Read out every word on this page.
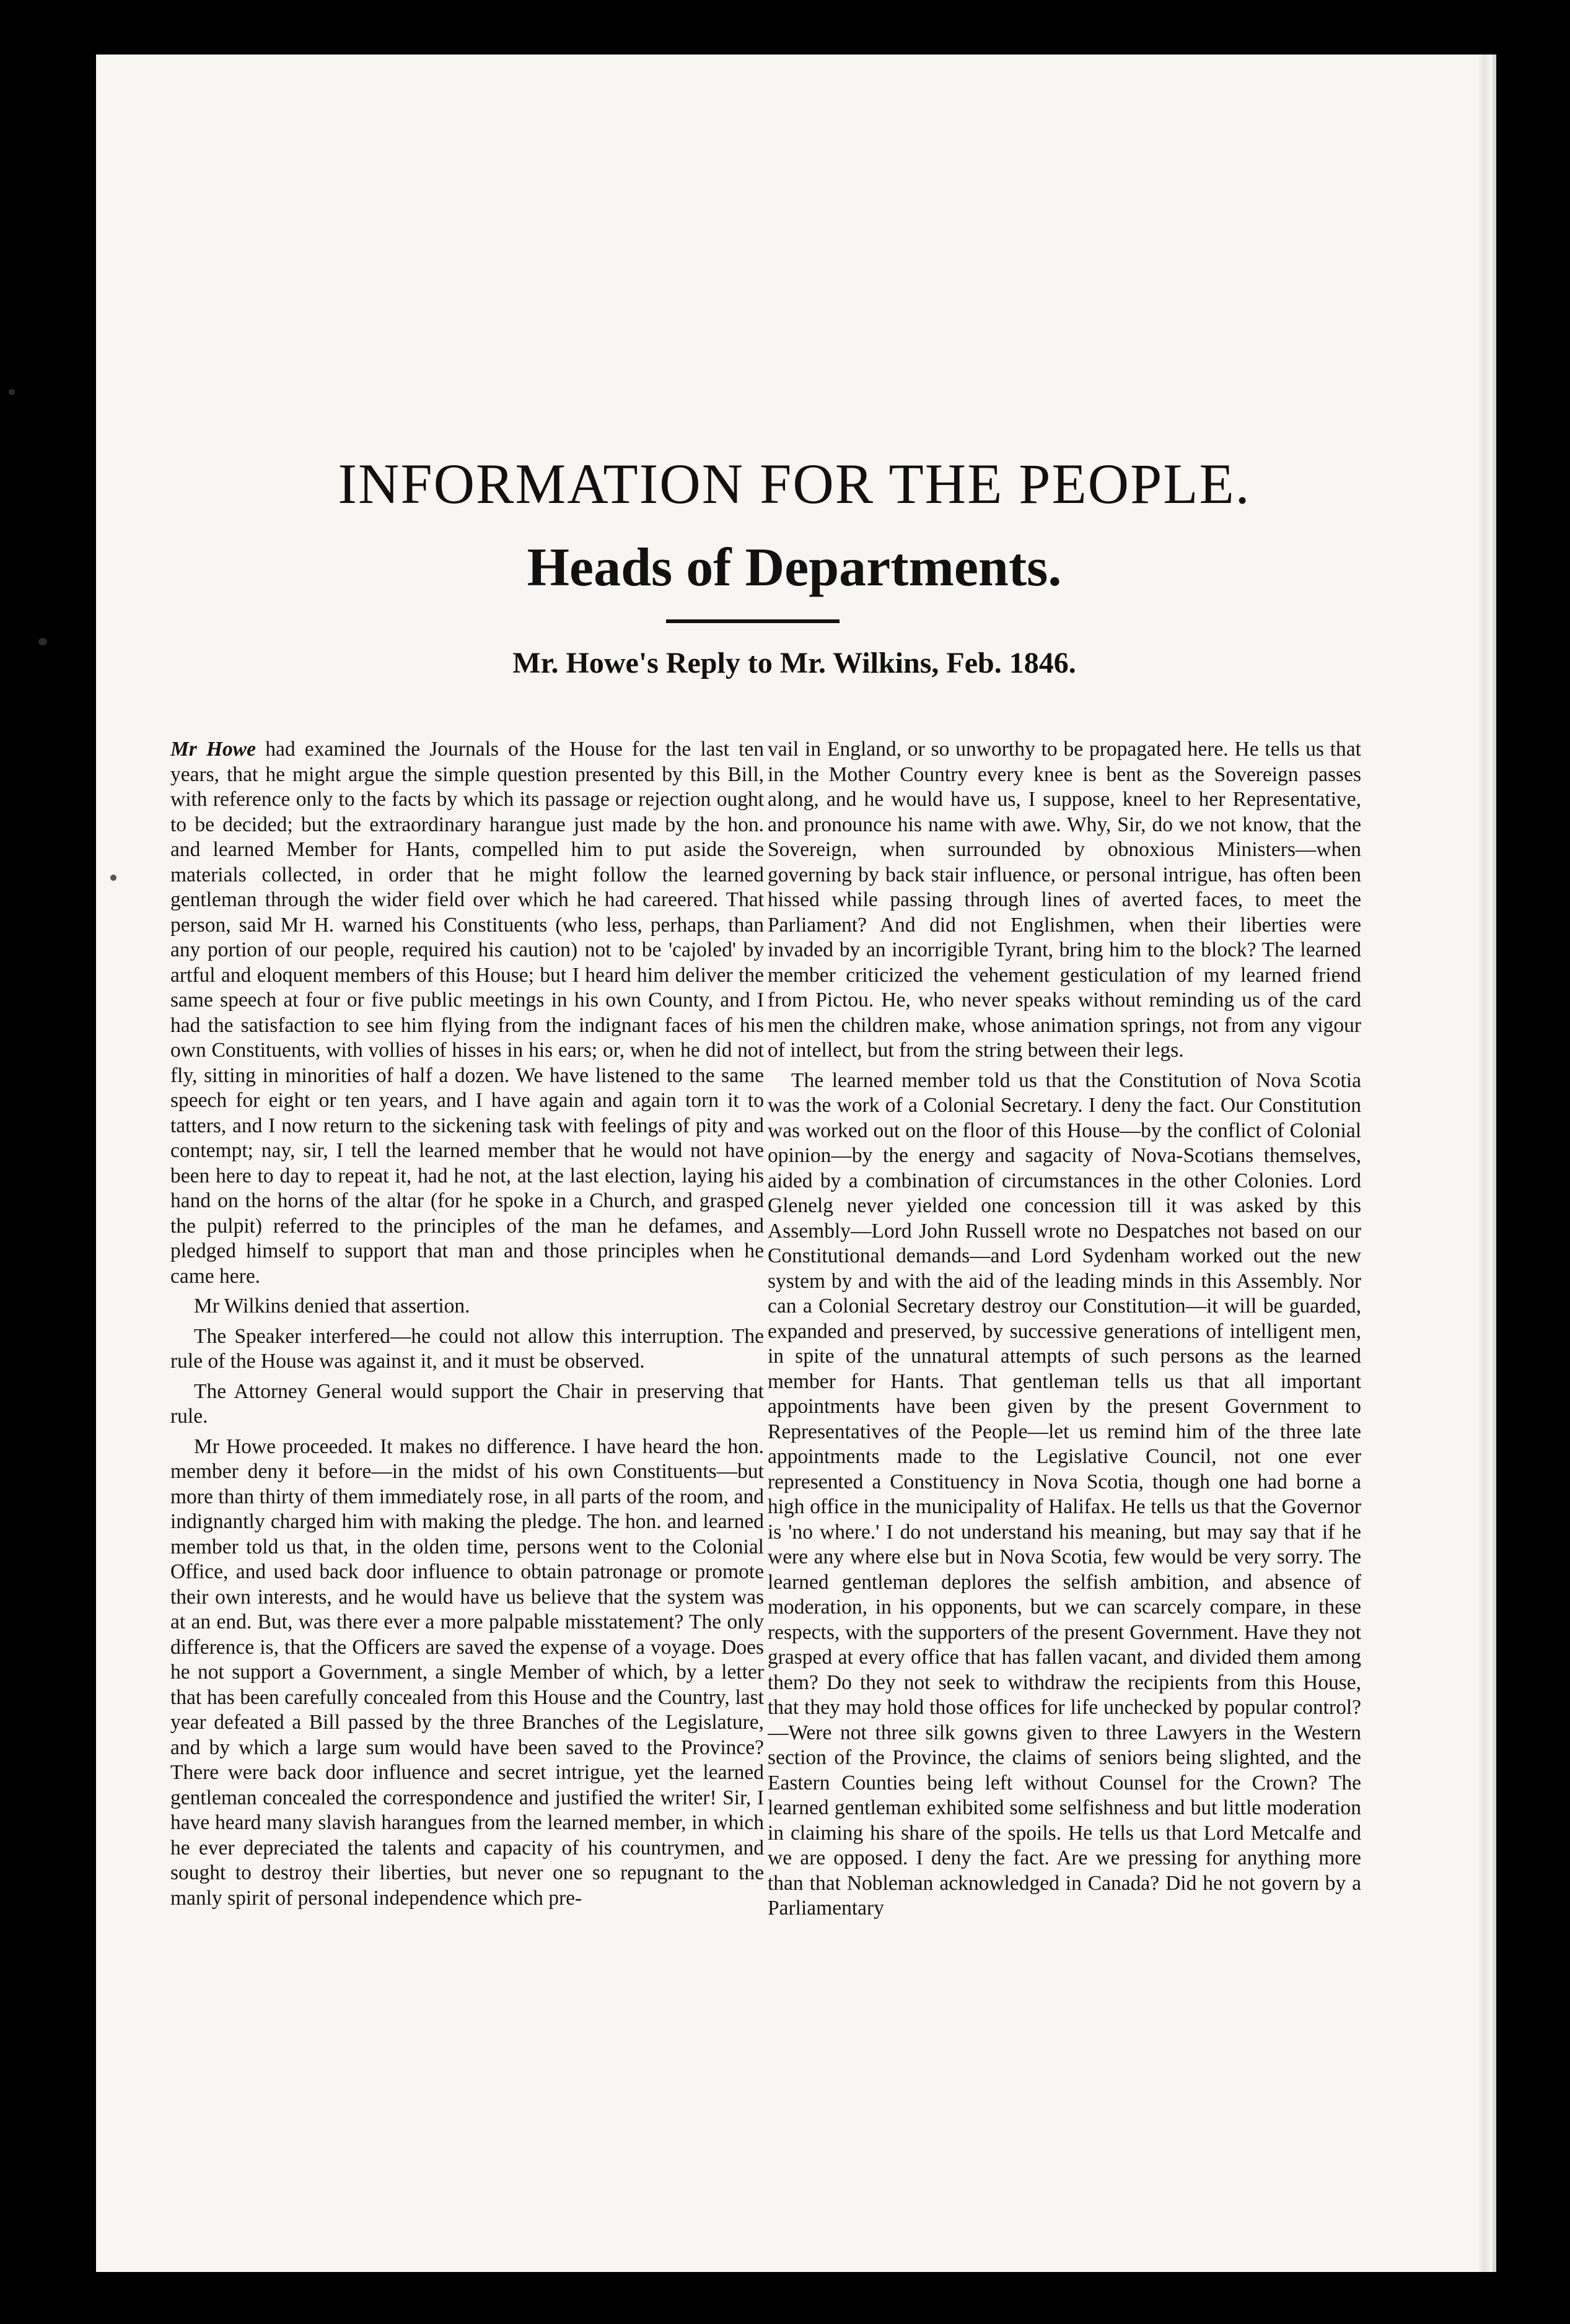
INFORMATION FOR THE PEOPLE.
Heads of Departments.
Mr. Howe's Reply to Mr. Wilkins, Feb. 1846.

Mr Howe had examined the Journals of the House for the last ten years, that he might argue the simple question presented by this Bill, with reference only to the facts by which its passage or rejection ought to be decided; but the extraordinary harangue just made by the hon. and learned Member for Hants, compelled him to put aside the materials collected, in order that he might follow the learned gentleman through the wider field over which he had careered. That person, said Mr H. warned his Constituents (who less, perhaps, than any portion of our people, required his caution) not to be 'cajoled' by artful and eloquent members of this House; but I heard him deliver the same speech at four or five public meetings in his own County, and I had the satisfaction to see him flying from the indignant faces of his own Constituents, with vollies of hisses in his ears; or, when he did not fly, sitting in minorities of half a dozen. We have listened to the same speech for eight or ten years, and I have again and again torn it to tatters, and I now return to the sickening task with feelings of pity and contempt; nay, sir, I tell the learned member that he would not have been here to day to repeat it, had he not, at the last election, laying his hand on the horns of the altar (for he spoke in a Church, and grasped the pulpit) referred to the principles of the man he defames, and pledged himself to support that man and those principles when he came here.

Mr Wilkins denied that assertion.

The Speaker interfered—he could not allow this interruption. The rule of the House was against it, and it must be observed.

The Attorney General would support the Chair in preserving that rule.

Mr Howe proceeded. It makes no difference. I have heard the hon. member deny it before—in the midst of his own Constituents—but more than thirty of them immediately rose, in all parts of the room, and indignantly charged him with making the pledge. The hon. and learned member told us that, in the olden time, persons went to the Colonial Office, and used back door influence to obtain patronage or promote their own interests, and he would have us believe that the system was at an end. But, was there ever a more palpable misstatement? The only difference is, that the Officers are saved the expense of a voyage. Does he not support a Government, a single Member of which, by a letter that has been carefully concealed from this House and the Country, last year defeated a Bill passed by the three Branches of the Legislature, and by which a large sum would have been saved to the Province? There were back door influence and secret intrigue, yet the learned gentleman concealed the correspondence and justified the writer! Sir, I have heard many slavish harangues from the learned member, in which he ever depreciated the talents and capacity of his countrymen, and sought to destroy their liberties, but never one so repugnant to the manly spirit of personal independence which pre-

vail in England, or so unworthy to be propagated here. He tells us that in the Mother Country every knee is bent as the Sovereign passes along, and he would have us, I suppose, kneel to her Representative, and pronounce his name with awe. Why, Sir, do we not know, that the Sovereign, when surrounded by obnoxious Ministers—when governing by back stair influence, or personal intrigue, has often been hissed while passing through lines of averted faces, to meet the Parliament? And did not Englishmen, when their liberties were invaded by an incorrigible Tyrant, bring him to the block? The learned member criticized the vehement gesticulation of my learned friend from Pictou. He, who never speaks without reminding us of the card men the children make, whose animation springs, not from any vigour of intellect, but from the string between their legs.

The learned member told us that the Constitution of Nova Scotia was the work of a Colonial Secretary. I deny the fact. Our Constitution was worked out on the floor of this House—by the conflict of Colonial opinion—by the energy and sagacity of Nova-Scotians themselves, aided by a combination of circumstances in the other Colonies. Lord Glenelg never yielded one concession till it was asked by this Assembly—Lord John Russell wrote no Despatches not based on our Constitutional demands—and Lord Sydenham worked out the new system by and with the aid of the leading minds in this Assembly. Nor can a Colonial Secretary destroy our Constitution—it will be guarded, expanded and preserved, by successive generations of intelligent men, in spite of the unnatural attempts of such persons as the learned member for Hants. That gentleman tells us that all important appointments have been given by the present Government to Representatives of the People—let us remind him of the three late appointments made to the Legislative Council, not one ever represented a Constituency in Nova Scotia, though one had borne a high office in the municipality of Halifax. He tells us that the Governor is 'no where.' I do not understand his meaning, but may say that if he were any where else but in Nova Scotia, few would be very sorry. The learned gentleman deplores the selfish ambition, and absence of moderation, in his opponents, but we can scarcely compare, in these respects, with the supporters of the present Government. Have they not grasped at every office that has fallen vacant, and divided them among them? Do they not seek to withdraw the recipients from this House, that they may hold those offices for life unchecked by popular control?—Were not three silk gowns given to three Lawyers in the Western section of the Province, the claims of seniors being slighted, and the Eastern Counties being left without Counsel for the Crown? The learned gentleman exhibited some selfishness and but little moderation in claiming his share of the spoils. He tells us that Lord Metcalfe and we are opposed. I deny the fact. Are we pressing for anything more than that Nobleman acknowledged in Canada? Did he not govern by a Parliamentary
